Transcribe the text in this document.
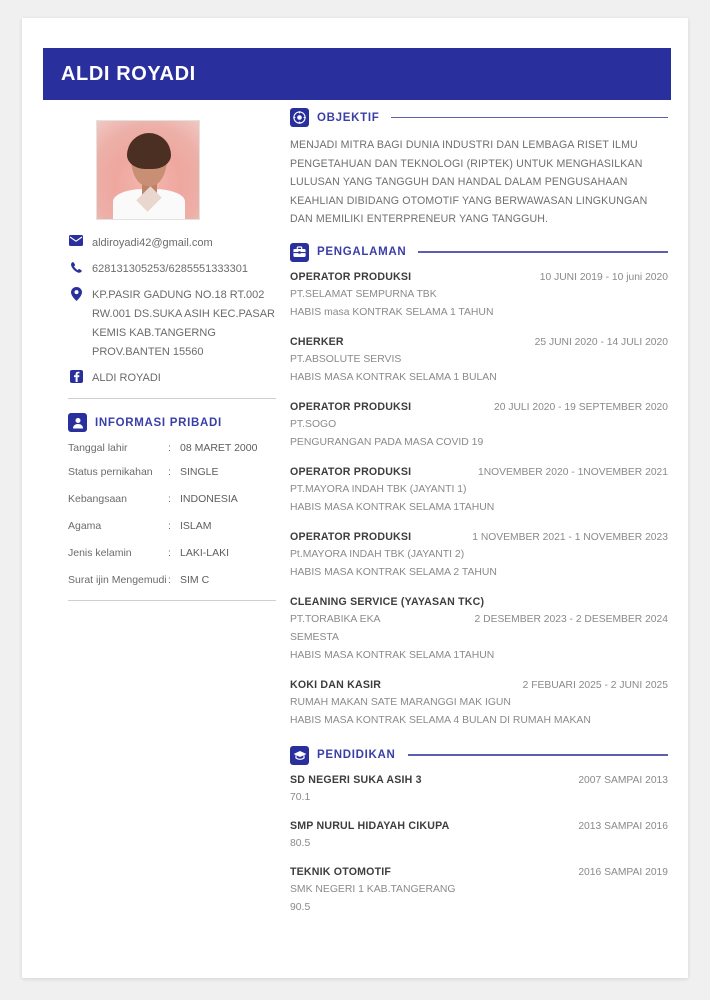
ALDI ROYADI
aldiroyadi42@gmail.com
628131305253/6285551333301
KP.PASIR GADUNG NO.18 RT.002 RW.001 DS.SUKA ASIH KEC.PASAR KEMIS KAB.TANGERNG PROV.BANTEN 15560
ALDI ROYADI
INFORMASI PRIBADI
Tanggal lahir	: 08 MARET 2000
Status pernikahan	: SINGLE
Kebangsaan	: INDONESIA
Agama	: ISLAM
Jenis kelamin	: LAKI-LAKI
Surat ijin Mengemudi : SIM C
OBJEKTIF
MENJADI MITRA BAGI DUNIA INDUSTRI DAN LEMBAGA RISET ILMU PENGETAHUAN DAN TEKNOLOGI (RIPTEK) UNTUK MENGHASILKAN LULUSAN YANG TANGGUH DAN HANDAL DALAM PENGUSAHAAN KEAHLIAN DIBIDANG OTOMOTIF YANG BERWAWASAN LINGKUNGAN DAN MEMILIKI ENTERPRENEUR YANG TANGGUH.
PENGALAMAN
OPERATOR PRODUKSI	10 JUNI 2019 - 10 juni 2020
PT.SELAMAT SEMPURNA TBK
HABIS masa KONTRAK SELAMA 1 TAHUN
CHERKER	25 JUNI 2020 - 14 JULI 2020
PT.ABSOLUTE SERVIS
HABIS MASA KONTRAK SELAMA 1 BULAN
OPERATOR PRODUKSI	20 JULI 2020 - 19 SEPTEMBER 2020
PT.SOGO
PENGURANGAN PADA MASA COVID 19
OPERATOR PRODUKSI	1NOVEMBER 2020 - 1NOVEMBER 2021
PT.MAYORA INDAH TBK (JAYANTI 1)
HABIS MASA KONTRAK SELAMA 1TAHUN
OPERATOR PRODUKSI	1 NOVEMBER 2021 - 1 NOVEMBER 2023
Pt.MAYORA INDAH TBK (JAYANTI 2)
HABIS MASA KONTRAK SELAMA 2 TAHUN
CLEANING SERVICE (YAYASAN TKC)
PT.TORABIKA EKA	2 DESEMBER 2023 - 2 DESEMBER 2024
SEMESTA
HABIS MASA KONTRAK SELAMA 1TAHUN
KOKI DAN KASIR	2 FEBUARI 2025 - 2 JUNI 2025
RUMAH MAKAN SATE MARANGGI MAK IGUN
HABIS MASA KONTRAK SELAMA 4 BULAN DI RUMAH MAKAN
PENDIDIKAN
SD NEGERI SUKA ASIH 3	2007 SAMPAI 2013
70.1
SMP NURUL HIDAYAH CIKUPA	2013 SAMPAI 2016
80.5
TEKNIK OTOMOTIF	2016 SAMPAI 2019
SMK NEGERI 1 KAB.TANGERANG
90.5
